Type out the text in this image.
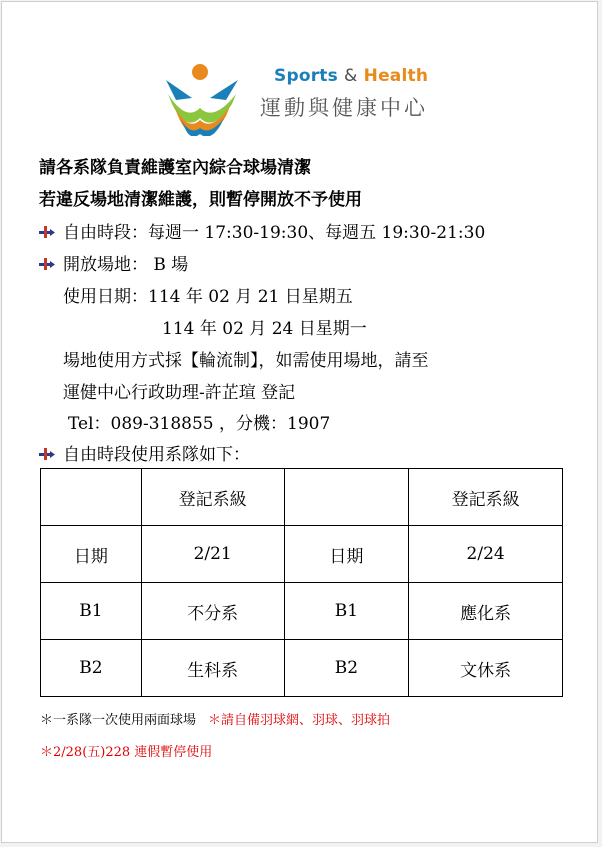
Sports & Health
運動與健康中心
請各系隊負責維護室內綜合球場清潔
若違反場地清潔維護，則暫停開放不予使用
自由時段：每週一 17:30-19:30、每週五 19:30-21:30
開放場地： B 場
使用日期：114 年 02 月 21 日星期五
114 年 02 月 24 日星期一
場地使用方式採【輪流制】，如需使用場地，請至
運健中心行政助理-許芷瑄 登記
Tel：089-318855 ，分機：1907
自由時段使用系隊如下：
	登記系級		登記系級
日期	2/21	日期	2/24
B1	不分系	B1	應化系
B2	生科系	B2	文休系
＊一系隊一次使用兩面球場 ＊請自備羽球網、羽球、羽球拍
＊2/28(五)228 連假暫停使用
